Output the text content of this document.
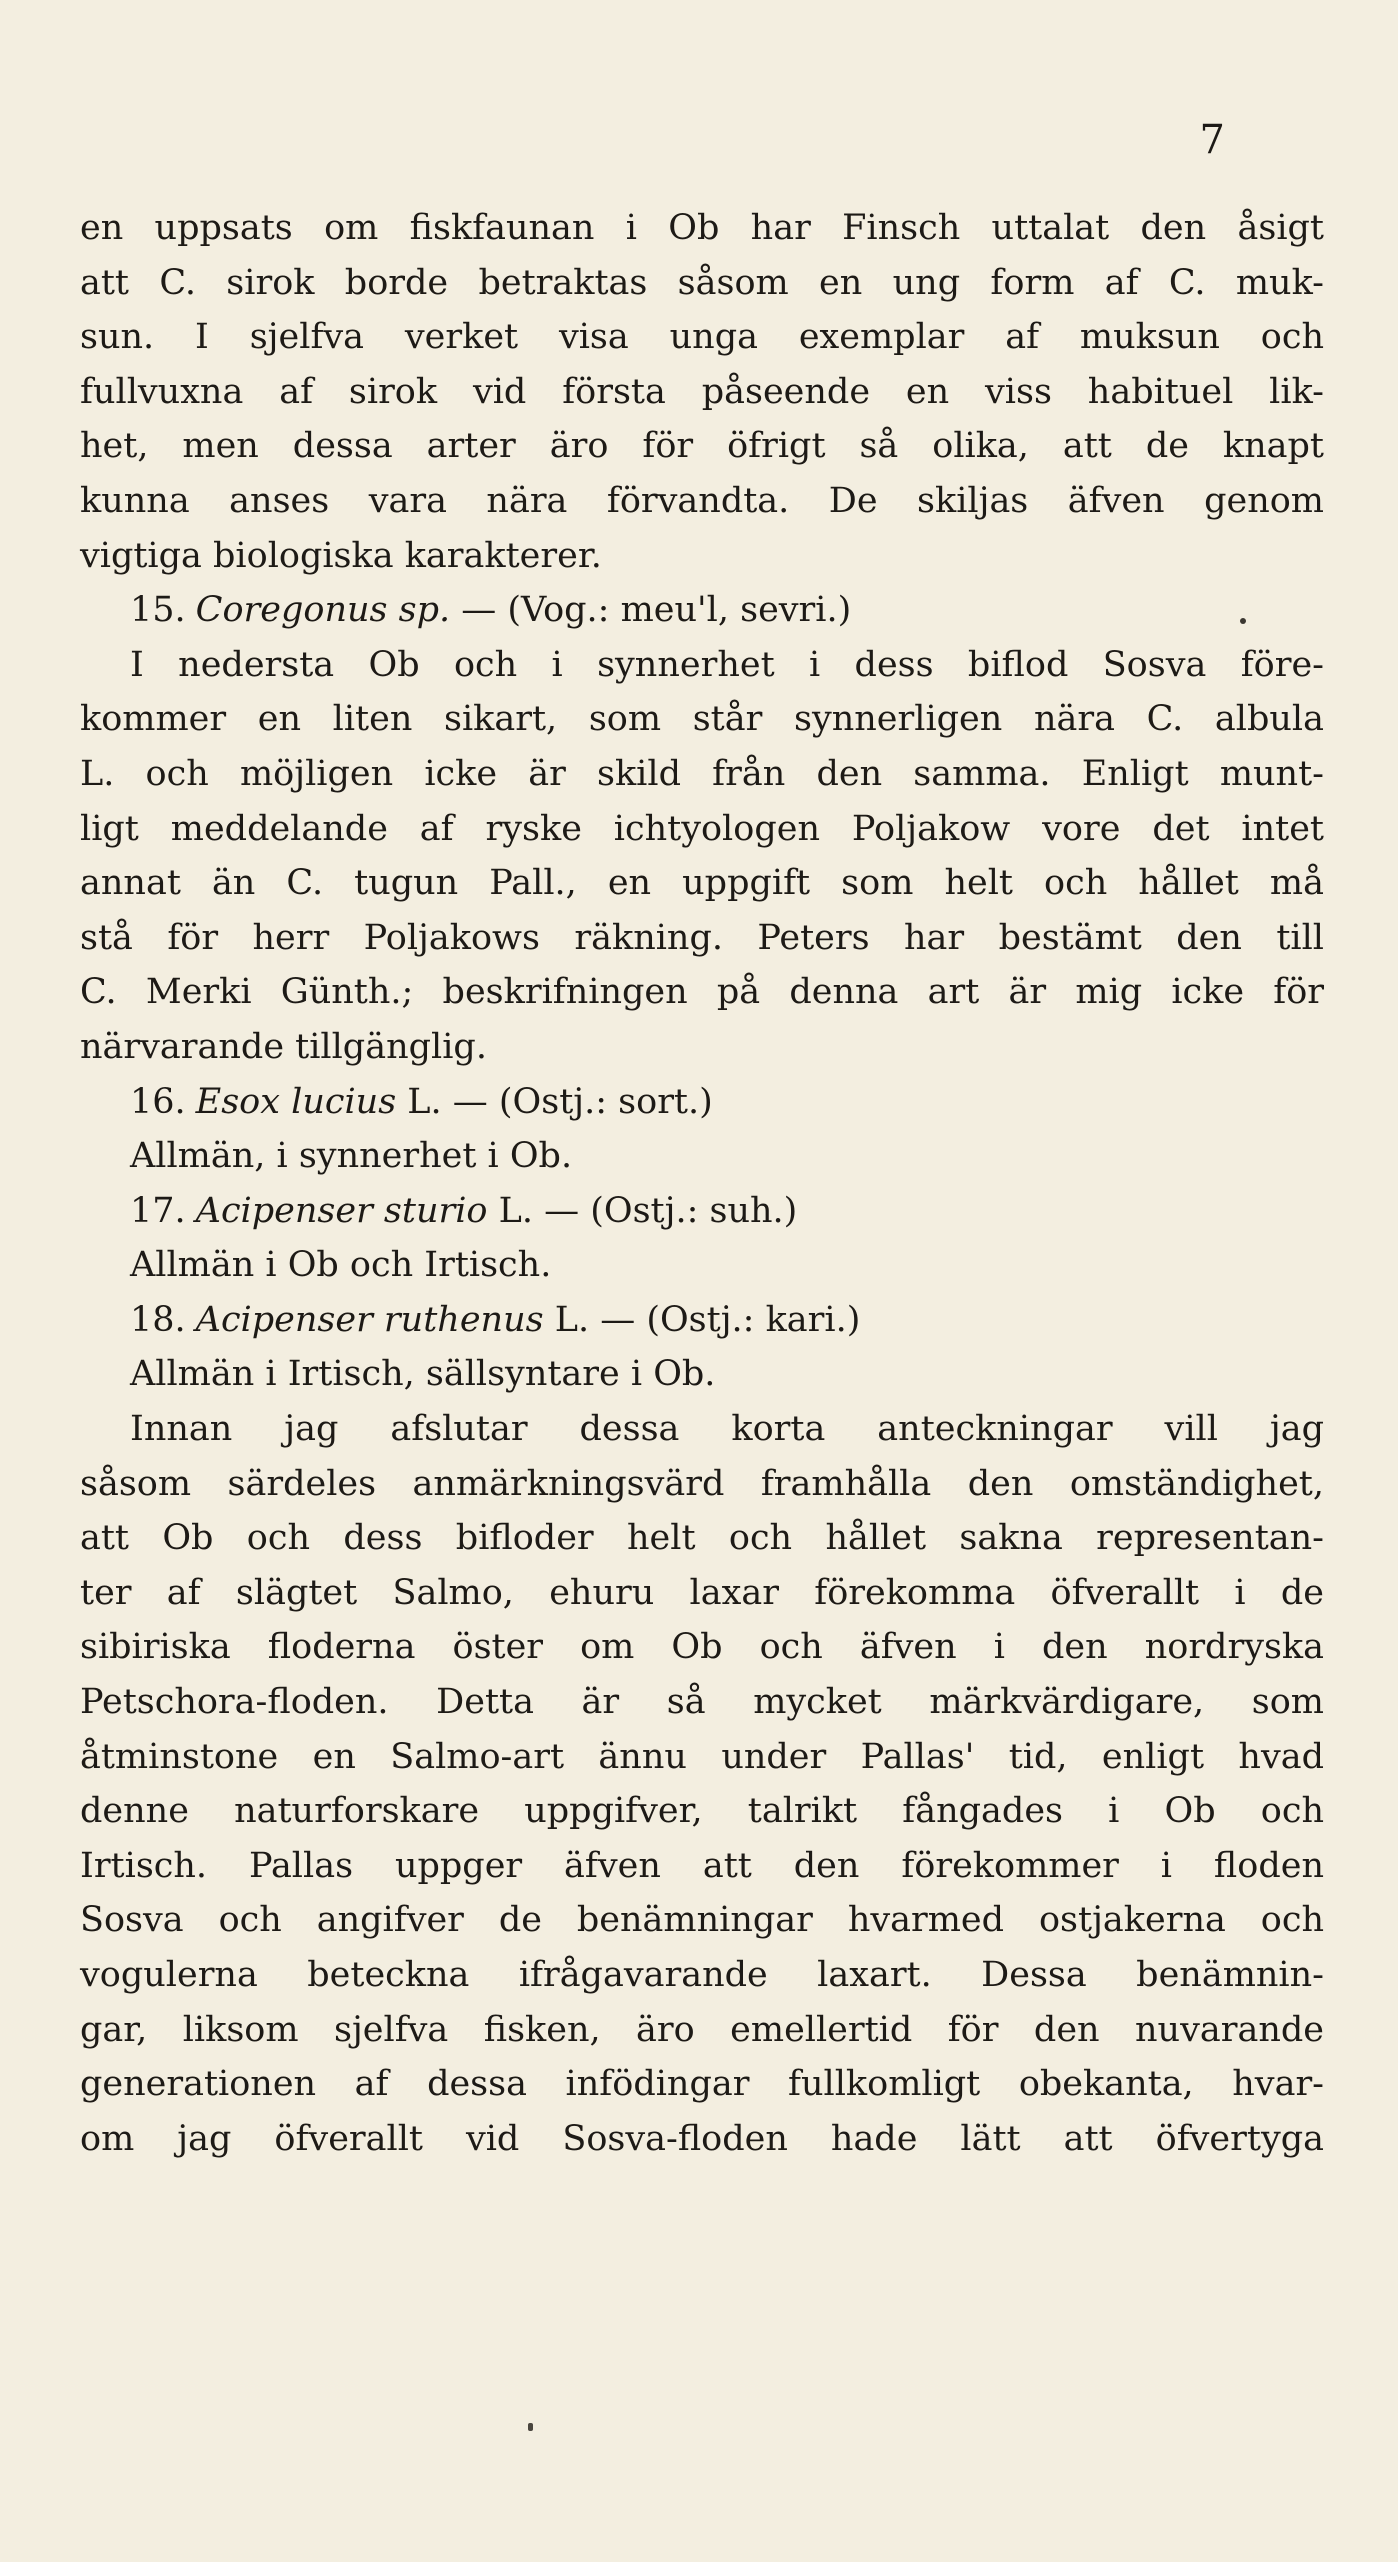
7
en uppsats om fiskfaunan i Ob har Finsch uttalat den åsigt
att C. sirok borde betraktas såsom en ung form af C. muk-
sun. I sjelfva verket visa unga exemplar af muksun och
fullvuxna af sirok vid första påseende en viss habituel lik-
het, men dessa arter äro för öfrigt så olika, att de knapt
kunna anses vara nära förvandta. De skiljas äfven genom
vigtiga biologiska karakterer.
15. Coregonus sp. — (Vog.: meu'l, sevri.)
I nedersta Ob och i synnerhet i dess biflod Sosva före-
kommer en liten sikart, som står synnerligen nära C. albula
L. och möjligen icke är skild från den samma. Enligt munt-
ligt meddelande af ryske ichtyologen Poljakow vore det intet
annat än C. tugun Pall., en uppgift som helt och hållet må
stå för herr Poljakows räkning. Peters har bestämt den till
C. Merki Günth.; beskrifningen på denna art är mig icke för
närvarande tillgänglig.
16. Esox lucius L. — (Ostj.: sort.)
Allmän, i synnerhet i Ob.
17. Acipenser sturio L. — (Ostj.: suh.)
Allmän i Ob och Irtisch.
18. Acipenser ruthenus L. — (Ostj.: kari.)
Allmän i Irtisch, sällsyntare i Ob.
Innan jag afslutar dessa korta anteckningar vill jag
såsom särdeles anmärkningsvärd framhålla den omständighet,
att Ob och dess bifloder helt och hållet sakna representan-
ter af slägtet Salmo, ehuru laxar förekomma öfverallt i de
sibiriska floderna öster om Ob och äfven i den nordryska
Petschora-floden. Detta är så mycket märkvärdigare, som
åtminstone en Salmo-art ännu under Pallas' tid, enligt hvad
denne naturforskare uppgifver, talrikt fångades i Ob och
Irtisch. Pallas uppger äfven att den förekommer i floden
Sosva och angifver de benämningar hvarmed ostjakerna och
vogulerna beteckna ifrågavarande laxart. Dessa benämnin-
gar, liksom sjelfva fisken, äro emellertid för den nuvarande
generationen af dessa infödingar fullkomligt obekanta, hvar-
om jag öfverallt vid Sosva-floden hade lätt att öfvertyga
